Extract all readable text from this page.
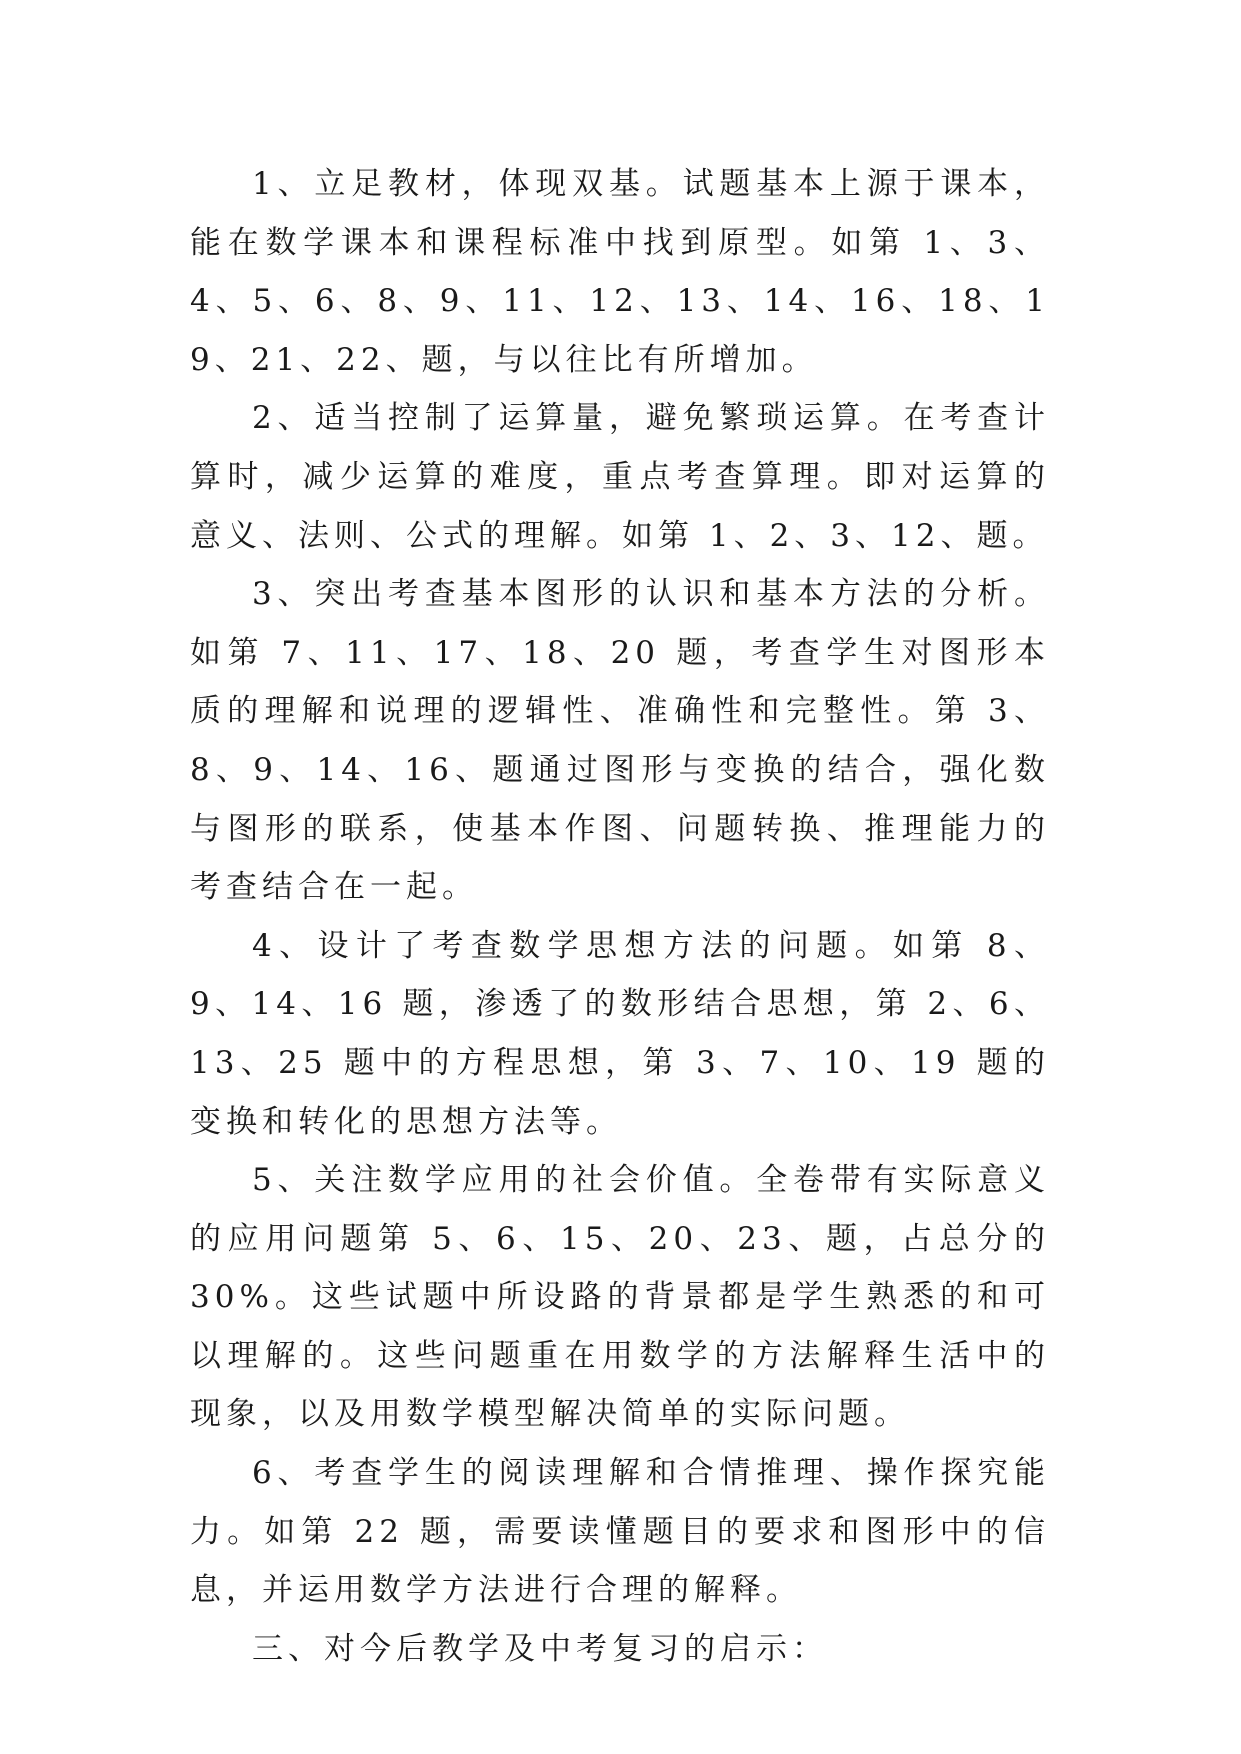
1、立足教材，体现双基。试题基本上源于课本，能在数学课本和课程标准中找到原型。如第 1、3、4、5、6、8、9、11、12、13、14、16、18、19、21、22、题，与以往比有所增加。

2、适当控制了运算量，避免繁琐运算。在考查计算时，减少运算的难度，重点考查算理。即对运算的意义、法则、公式的理解。如第 1、2、3、12、题。

3、突出考查基本图形的认识和基本方法的分析。如第 7、11、17、18、20 题，考查学生对图形本质的理解和说理的逻辑性、准确性和完整性。第 3、8、9、14、16、题通过图形与变换的结合，强化数与图形的联系，使基本作图、问题转换、推理能力的考查结合在一起。

4、设计了考查数学思想方法的问题。如第 8、9、14、16 题，渗透了的数形结合思想，第 2、6、13、25 题中的方程思想，第 3、7、10、19 题的变换和转化的思想方法等。

5、关注数学应用的社会价值。全卷带有实际意义的应用问题第 5、6、15、20、23、题，占总分的 30%。这些试题中所设路的背景都是学生熟悉的和可以理解的。这些问题重在用数学的方法解释生活中的现象，以及用数学模型解决简单的实际问题。

6、考查学生的阅读理解和合情推理、操作探究能力。如第 22 题，需要读懂题目的要求和图形中的信息，并运用数学方法进行合理的解释。

三、对今后教学及中考复习的启示：
